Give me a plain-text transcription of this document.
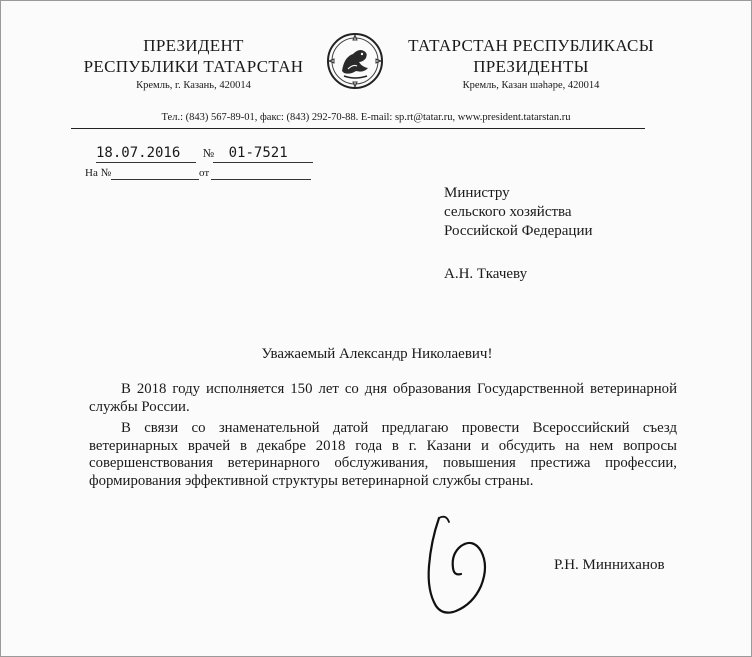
ПРЕЗИДЕНТ
РЕСПУБЛИКИ ТАТАРСТАН
Кремль, г. Казань, 420014
ТАТАРСТАН РЕСПУБЛИКАСЫ
ПРЕЗИДЕНТЫ
Кремль, Казан шәһәре, 420014
Тел.: (843) 567-89-01, факс: (843) 292-70-88. E-mail: sp.rt@tatar.ru, www.president.tatarstan.ru
18.07.2016 № 01-7521
На №	от
Министру
сельского хозяйства
Российской Федерации
А.Н. Ткачеву
Уважаемый Александр Николаевич!

В 2018 году исполняется 150 лет со дня образования Государственной ветеринарной службы России.

В связи со знаменательной датой предлагаю провести Всероссийский съезд ветеринарных врачей в декабре 2018 года в г. Казани и обсудить на нем вопросы совершенствования ветеринарного обслуживания, повышения престижа профессии, формирования эффективной структуры ветеринарной службы страны.

Р.Н. Минниханов
